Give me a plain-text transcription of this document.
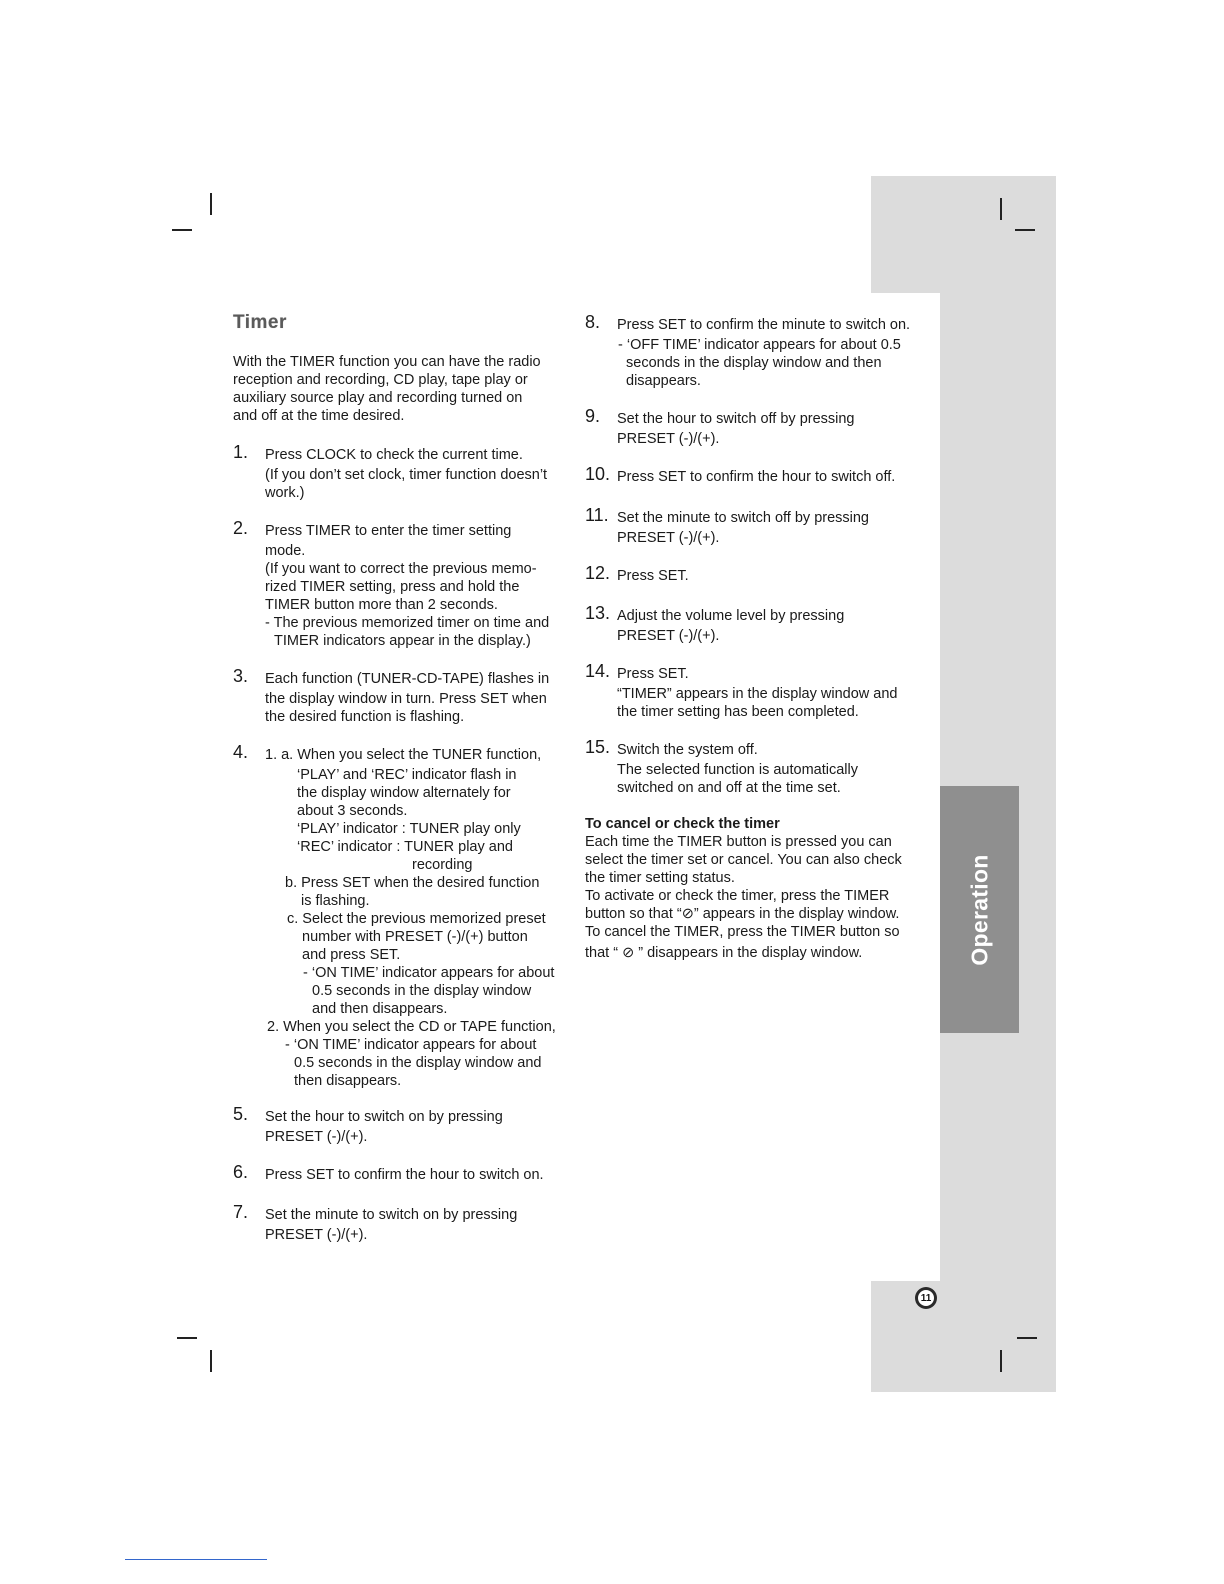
Operation
Timer

With the TIMER function you can have the radio

reception and recording, CD play, tape play or

auxiliary source play and recording turned on

and off at the time desired.

1. Press CLOCK to check the current time.

(If you don’t set clock, timer function doesn’t

work.)

2. Press TIMER to enter the timer setting

mode.

(If you want to correct the previous memo-

rized TIMER setting, press and hold the

TIMER button more than 2 seconds.

- The previous memorized timer on time and

TIMER indicators appear in the display.)

3. Each function (TUNER-CD-TAPE) flashes in

the display window in turn. Press SET when

the desired function is flashing.

4. 1. a. When you select the TUNER function,

‘PLAY’ and ‘REC’ indicator flash in

the display window alternately for

about 3 seconds.

‘PLAY’ indicator : TUNER play only

‘REC’ indicator : TUNER play and

recording

b. Press SET when the desired function

is flashing.

c. Select the previous memorized preset

number with PRESET (-)/(+) button

and press SET.

- ‘ON TIME’ indicator appears for about

0.5 seconds in the display window

and then disappears.

2. When you select the CD or TAPE function,

- ‘ON TIME’ indicator appears for about

0.5 seconds in the display window and

then disappears.

5. Set the hour to switch on by pressing

PRESET (-)/(+).

6. Press SET to confirm the hour to switch on.

7. Set the minute to switch on by pressing

PRESET (-)/(+).

8. Press SET to confirm the minute to switch on.

- ‘OFF TIME’ indicator appears for about 0.5

seconds in the display window and then

disappears.

9. Set the hour to switch off by pressing

PRESET (-)/(+).

10. Press SET to confirm the hour to switch off.

11. Set the minute to switch off by pressing

PRESET (-)/(+).

12. Press SET.

13. Adjust the volume level by pressing

PRESET (-)/(+).

14. Press SET.

“TIMER” appears in the display window and

the timer setting has been completed.

15. Switch the system off.

The selected function is automatically

switched on and off at the time set.

To cancel or check the timer

Each time the TIMER button is pressed you can

select the timer set or cancel. You can also check

the timer setting status.

To activate or check the timer, press the TIMER

button so that “⊘” appears in the display window.

To cancel the TIMER, press the TIMER button so

that “ ⊘ ” disappears in the display window.

11
